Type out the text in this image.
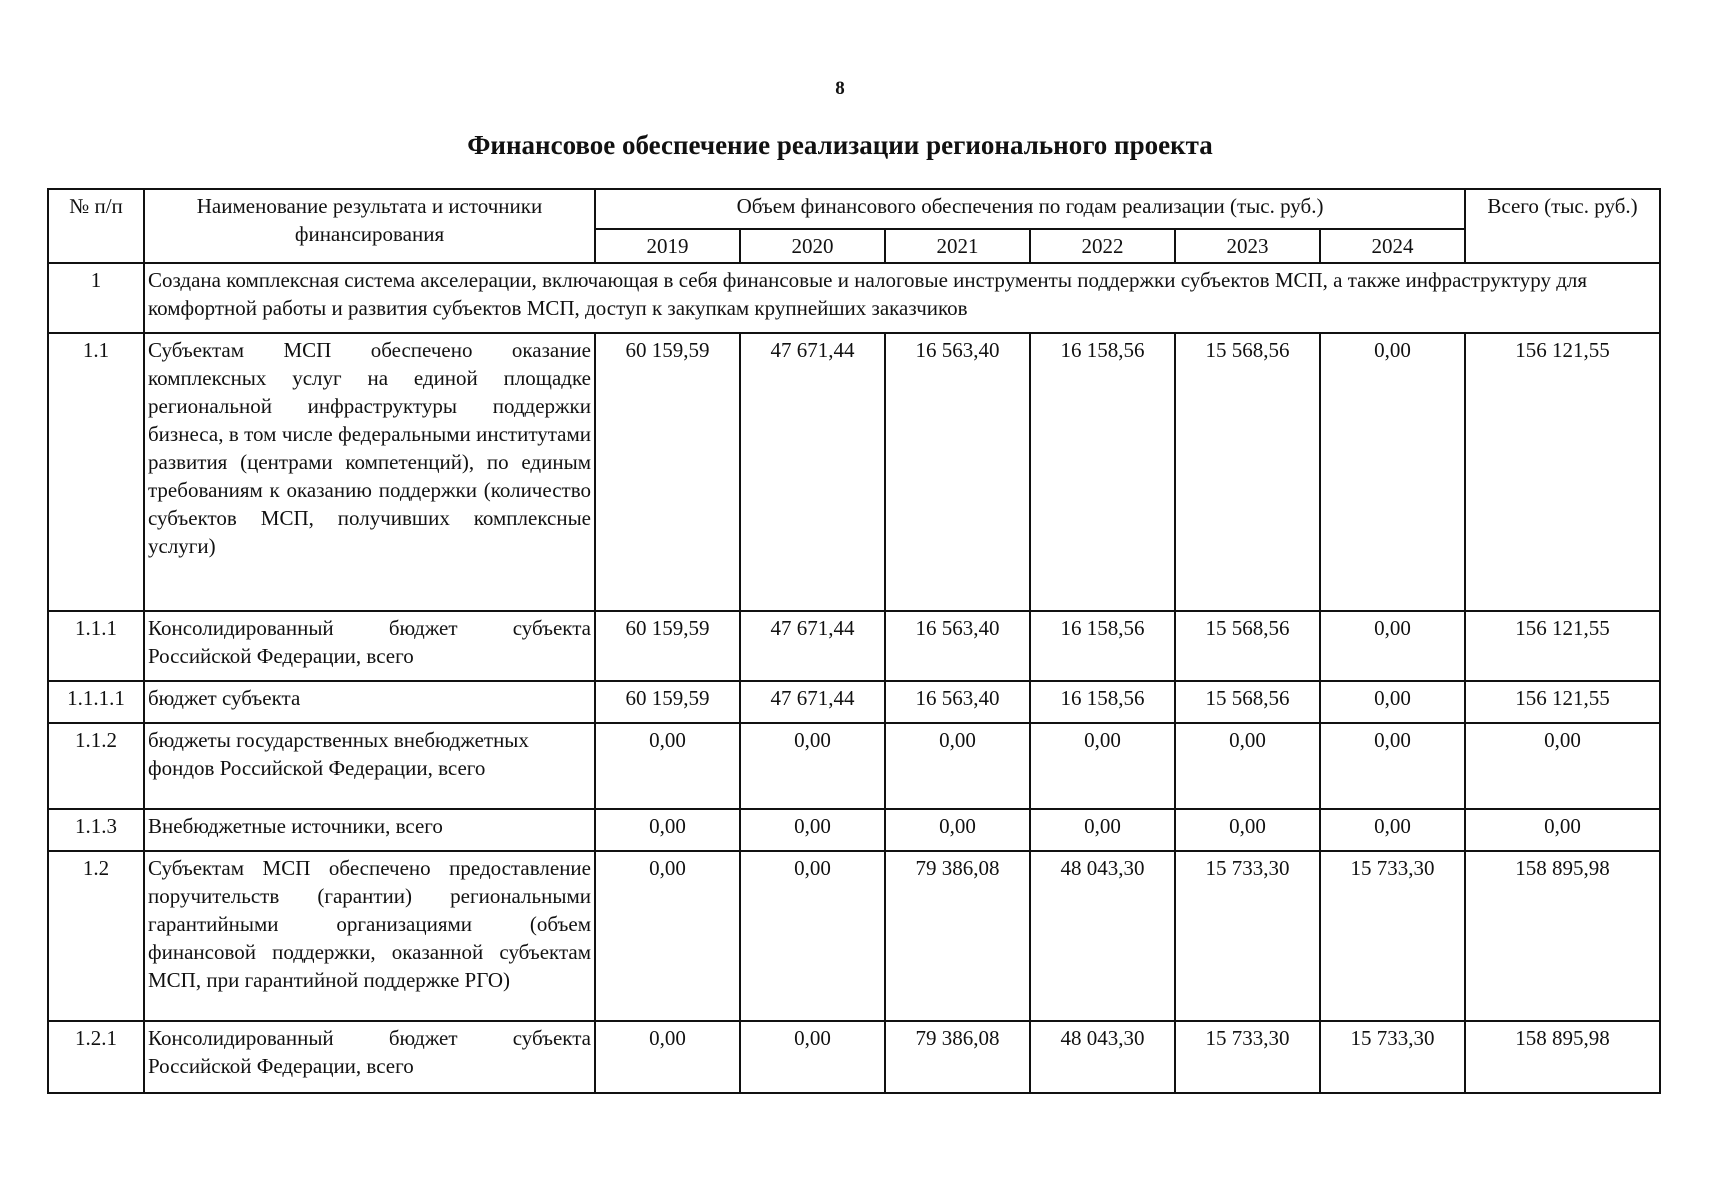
8
Финансовое обеспечение реализации регионального проекта
№ п/п	Наименование результата и источники финансирования	Объем финансового обеспечения по годам реализации (тыс. руб.)						Всего (тыс. руб.)
		2019	2020	2021	2022	2023	2024	
1	Создана комплексная система акселерации, включающая в себя финансовые и налоговые инструменты поддержки субъектов МСП, а также инфраструктуру для комфортной работы и развития субъектов МСП, доступ к закупкам крупнейших заказчиков							
1.1	Субъектам МСП обеспечено оказание комплексных услуг на единой площадке региональной инфраструктуры поддержки бизнеса, в том числе федеральными институтами развития (центрами компетенций), по единым требованиям к оказанию поддержки (количество субъектов МСП, получивших комплексные услуги)	60 159,59	47 671,44	16 563,40	16 158,56	15 568,56	0,00	156 121,55
1.1.1	Консолидированный бюджет субъекта Российской Федерации, всего	60 159,59	47 671,44	16 563,40	16 158,56	15 568,56	0,00	156 121,55
1.1.1.1	бюджет субъекта	60 159,59	47 671,44	16 563,40	16 158,56	15 568,56	0,00	156 121,55
1.1.2	бюджеты государственных внебюджетных фондов Российской Федерации, всего	0,00	0,00	0,00	0,00	0,00	0,00	0,00
1.1.3	Внебюджетные источники, всего	0,00	0,00	0,00	0,00	0,00	0,00	0,00
1.2	Субъектам МСП обеспечено предоставление поручительств (гарантии) региональными гарантийными организациями (объем финансовой поддержки, оказанной субъектам МСП, при гарантийной поддержке РГО)	0,00	0,00	79 386,08	48 043,30	15 733,30	15 733,30	158 895,98
1.2.1	Консолидированный бюджет субъекта Российской Федерации, всего	0,00	0,00	79 386,08	48 043,30	15 733,30	15 733,30	158 895,98
